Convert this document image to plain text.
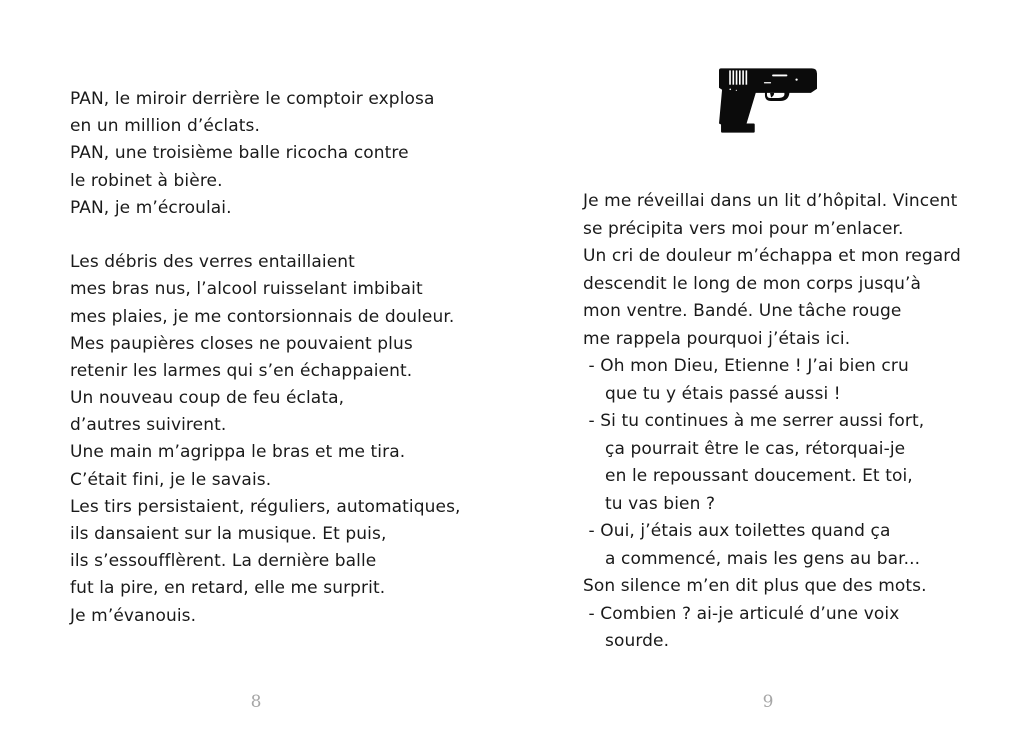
PAN, le miroir derrière le comptoir explosa
en un million d’éclats.
PAN, une troisième balle ricocha contre
le robinet à bière.
PAN, je m’écroulai.
Les débris des verres entaillaient
mes bras nus, l’alcool ruisselant imbibait
mes plaies, je me contorsionnais de douleur.
Mes paupières closes ne pouvaient plus
retenir les larmes qui s’en échappaient.
Un nouveau coup de feu éclata,
d’autres suivirent.
Une main m’agrippa le bras et me tira.
C’était fini, je le savais.
Les tirs persistaient, réguliers, automatiques,
ils dansaient sur la musique. Et puis,
ils s’essoufflèrent. La dernière balle
fut la pire, en retard, elle me surprit.
Je m’évanouis.
Je me réveillai dans un lit d’hôpital. Vincent
se précipita vers moi pour m’enlacer.
Un cri de douleur m’échappa et mon regard
descendit le long de mon corps jusqu’à
mon ventre. Bandé. Une tâche rouge
me rappela pourquoi j’étais ici.
- Oh mon Dieu, Etienne ! J’ai bien cru
que tu y étais passé aussi !
- Si tu continues à me serrer aussi fort,
ça pourrait être le cas, rétorquai-je
en le repoussant doucement. Et toi,
tu vas bien ?
- Oui, j’étais aux toilettes quand ça
a commencé, mais les gens au bar...
Son silence m’en dit plus que des mots.
- Combien ? ai-je articulé d’une voix
sourde.
8	9
